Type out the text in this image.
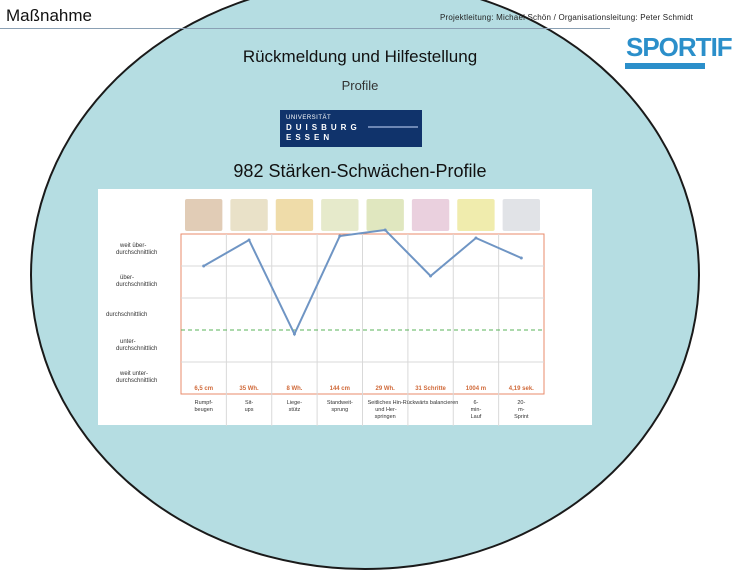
Maßnahme	Projektleitung: Michael Schön / Organisationsleitung: Peter Schmidt
SPORTIF
Rückmeldung und Hilfestellung
Profile
UNIVERSITÄT
DUISBURG
ESSEN
982 Stärken-Schwächen-Profile
weit über-durchschnittlich
über-durchschnittlich
durchschnittlich
unter-durchschnittlich
weit unter-durchschnittlich
6,5 cm	35 Wh.	8 Wh.	144 cm	29 Wh.	31 Schritte	1004 m	4,19 sek.
Rumpf-beugen
Sit-ups
Liege-stütz
Standweit-sprung
Seitliches Hin- und Her-springen
Rückwärts balancieren	6-min-Lauf
20-m-Sprint
